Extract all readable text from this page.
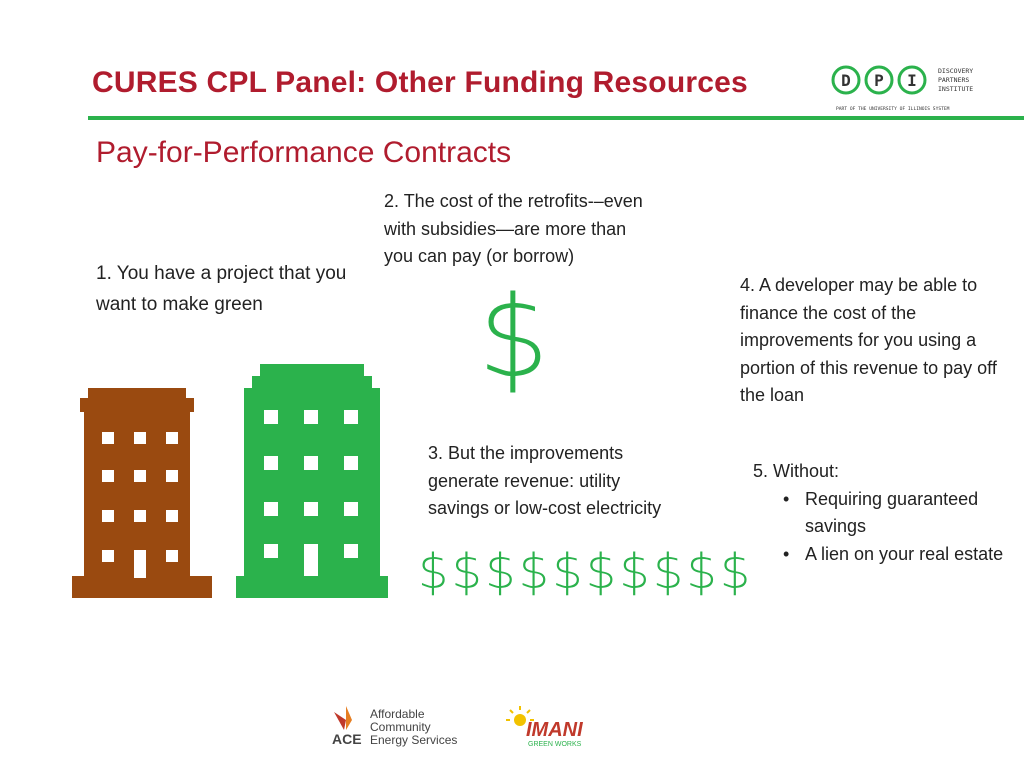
CURES CPL Panel: Other Funding Resources
Pay-for-Performance Contracts
D P I	DISCOVERY
PARTNERS
INSTITUTE
PART OF THE UNIVERSITY OF ILLINOIS SYSTEM
1. You have a project that you want to make green
2. The cost of the retrofits-–even with subsidies—are more than you can pay (or borrow)
3. But the improvements generate revenue: utility savings or low-cost electricity
4. A developer may be able to finance the cost of the improvements for you using a portion of this revenue to pay off the loan
5. Without:
• Requiring guaranteed savings
• A lien on your real estate
$
$$$$$$$$$$
Affordable
Community
Energy Services
ACE	IMANI
GREEN WORKS
